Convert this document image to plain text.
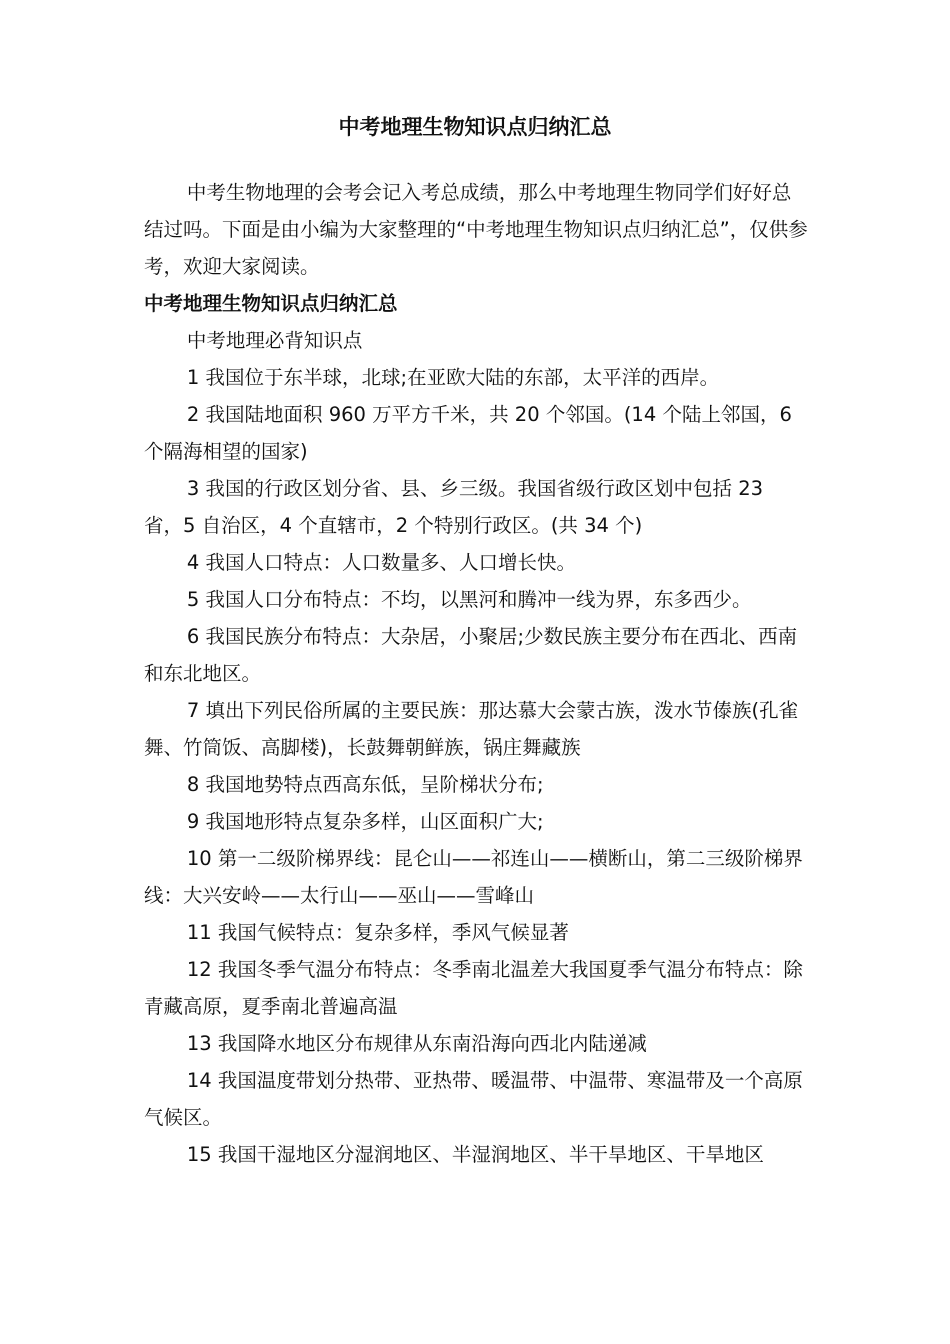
中考地理生物知识点归纳汇总

中考生物地理的会考会记入考总成绩，那么中考地理生物同学们好好总结过吗。下面是由小编为大家整理的“中考地理生物知识点归纳汇总”，仅供参考，欢迎大家阅读。

中考地理生物知识点归纳汇总

中考地理必背知识点

1 我国位于东半球，北球;在亚欧大陆的东部，太平洋的西岸。

2 我国陆地面积 960 万平方千米，共 20 个邻国。(14 个陆上邻国，6 个隔海相望的国家)

3 我国的行政区划分省、县、乡三级。我国省级行政区划中包括 23 省，5 自治区，4 个直辖市，2 个特别行政区。(共 34 个)

4 我国人口特点：人口数量多、人口增长快。

5 我国人口分布特点：不均，以黑河和腾冲一线为界，东多西少。

6 我国民族分布特点：大杂居，小聚居;少数民族主要分布在西北、西南和东北地区。

7 填出下列民俗所属的主要民族：那达慕大会蒙古族，泼水节傣族(孔雀舞、竹筒饭、高脚楼)，长鼓舞朝鲜族，锅庄舞藏族

8 我国地势特点西高东低，呈阶梯状分布;

9 我国地形特点复杂多样，山区面积广大;

10 第一二级阶梯界线：昆仑山——祁连山——横断山，第二三级阶梯界线：大兴安岭——太行山——巫山——雪峰山

11 我国气候特点：复杂多样，季风气候显著

12 我国冬季气温分布特点：冬季南北温差大我国夏季气温分布特点：除青藏高原，夏季南北普遍高温

13 我国降水地区分布规律从东南沿海向西北内陆递减

14 我国温度带划分热带、亚热带、暖温带、中温带、寒温带及一个高原气候区。

15 我国干湿地区分湿润地区、半湿润地区、半干旱地区、干旱地区
